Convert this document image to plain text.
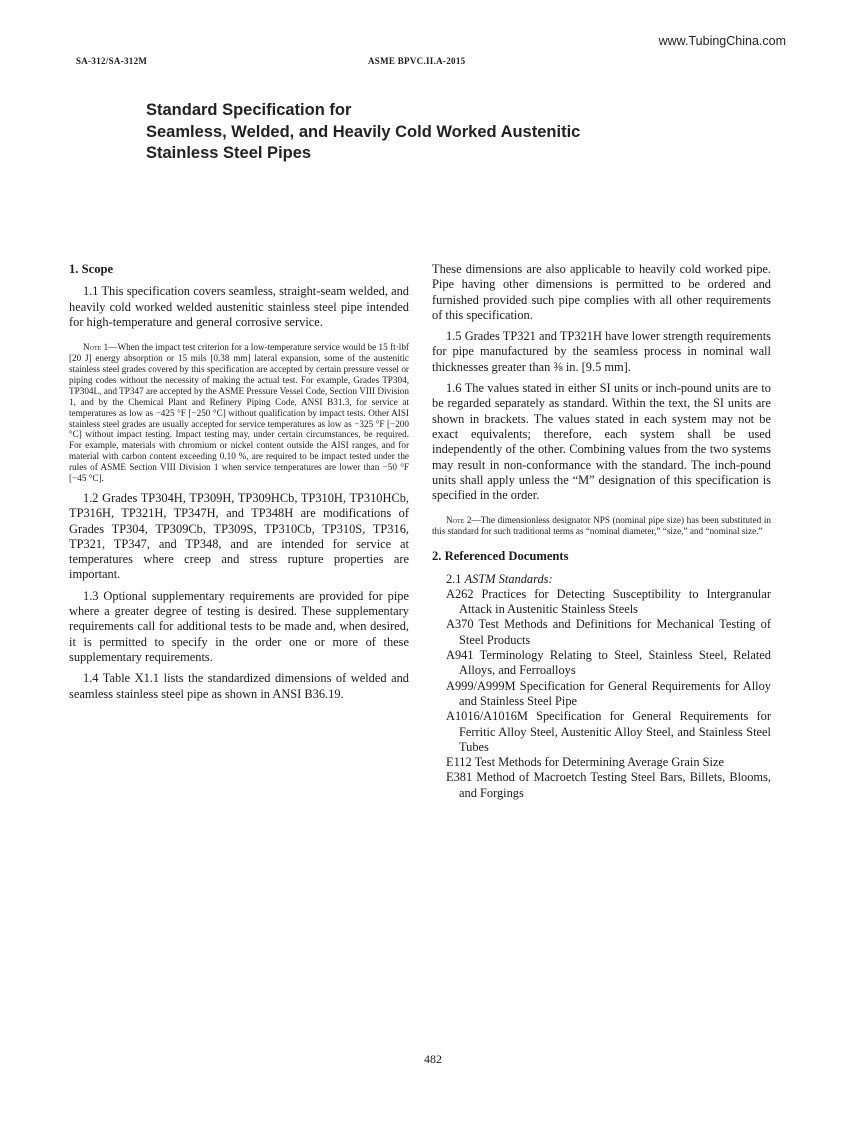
www.TubingChina.com
SA-312/SA-312M	ASME BPVC.II.A-2015
Standard Specification for
Seamless, Welded, and Heavily Cold Worked Austenitic
Stainless Steel Pipes
1. Scope
1.1 This specification covers seamless, straight-seam welded, and heavily cold worked welded austenitic stainless steel pipe intended for high-temperature and general corrosive service.
Note 1—When the impact test criterion for a low-temperature service would be 15 ft·lbf [20 J] energy absorption or 15 mils [0.38 mm] lateral expansion, some of the austenitic stainless steel grades covered by this specification are accepted by certain pressure vessel or piping codes without the necessity of making the actual test. For example, Grades TP304, TP304L, and TP347 are accepted by the ASME Pressure Vessel Code, Section VIII Division 1, and by the Chemical Plant and Refinery Piping Code, ANSI B31.3, for service at temperatures as low as −425 °F [−250 °C] without qualification by impact tests. Other AISI stainless steel grades are usually accepted for service temperatures as low as −325 °F [−200 °C] without impact testing. Impact testing may, under certain circumstances, be required. For example, materials with chromium or nickel content outside the AISI ranges, and for material with carbon content exceeding 0.10 %, are required to be impact tested under the rules of ASME Section VIII Division 1 when service temperatures are lower than −50 °F [−45 °C].
1.2 Grades TP304H, TP309H, TP309HCb, TP310H, TP310HCb, TP316H, TP321H, TP347H, and TP348H are modifications of Grades TP304, TP309Cb, TP309S, TP310Cb, TP310S, TP316, TP321, TP347, and TP348, and are intended for service at temperatures where creep and stress rupture properties are important.
1.3 Optional supplementary requirements are provided for pipe where a greater degree of testing is desired. These supplementary requirements call for additional tests to be made and, when desired, it is permitted to specify in the order one or more of these supplementary requirements.
1.4 Table X1.1 lists the standardized dimensions of welded and seamless stainless steel pipe as shown in ANSI B36.19.
These dimensions are also applicable to heavily cold worked pipe. Pipe having other dimensions is permitted to be ordered and furnished provided such pipe complies with all other requirements of this specification.
1.5 Grades TP321 and TP321H have lower strength requirements for pipe manufactured by the seamless process in nominal wall thicknesses greater than ⅜ in. [9.5 mm].
1.6 The values stated in either SI units or inch-pound units are to be regarded separately as standard. Within the text, the SI units are shown in brackets. The values stated in each system may not be exact equivalents; therefore, each system shall be used independently of the other. Combining values from the two systems may result in non-conformance with the standard. The inch-pound units shall apply unless the “M” designation of this specification is specified in the order.
Note 2—The dimensionless designator NPS (nominal pipe size) has been substituted in this standard for such traditional terms as “nominal diameter,” “size,” and “nominal size.”
2. Referenced Documents
2.1 ASTM Standards:
A262 Practices for Detecting Susceptibility to Intergranular Attack in Austenitic Stainless Steels
A370 Test Methods and Definitions for Mechanical Testing of Steel Products
A941 Terminology Relating to Steel, Stainless Steel, Related Alloys, and Ferroalloys
A999/A999M Specification for General Requirements for Alloy and Stainless Steel Pipe
A1016/A1016M Specification for General Requirements for Ferritic Alloy Steel, Austenitic Alloy Steel, and Stainless Steel Tubes
E112 Test Methods for Determining Average Grain Size
E381 Method of Macroetch Testing Steel Bars, Billets, Blooms, and Forgings
482
